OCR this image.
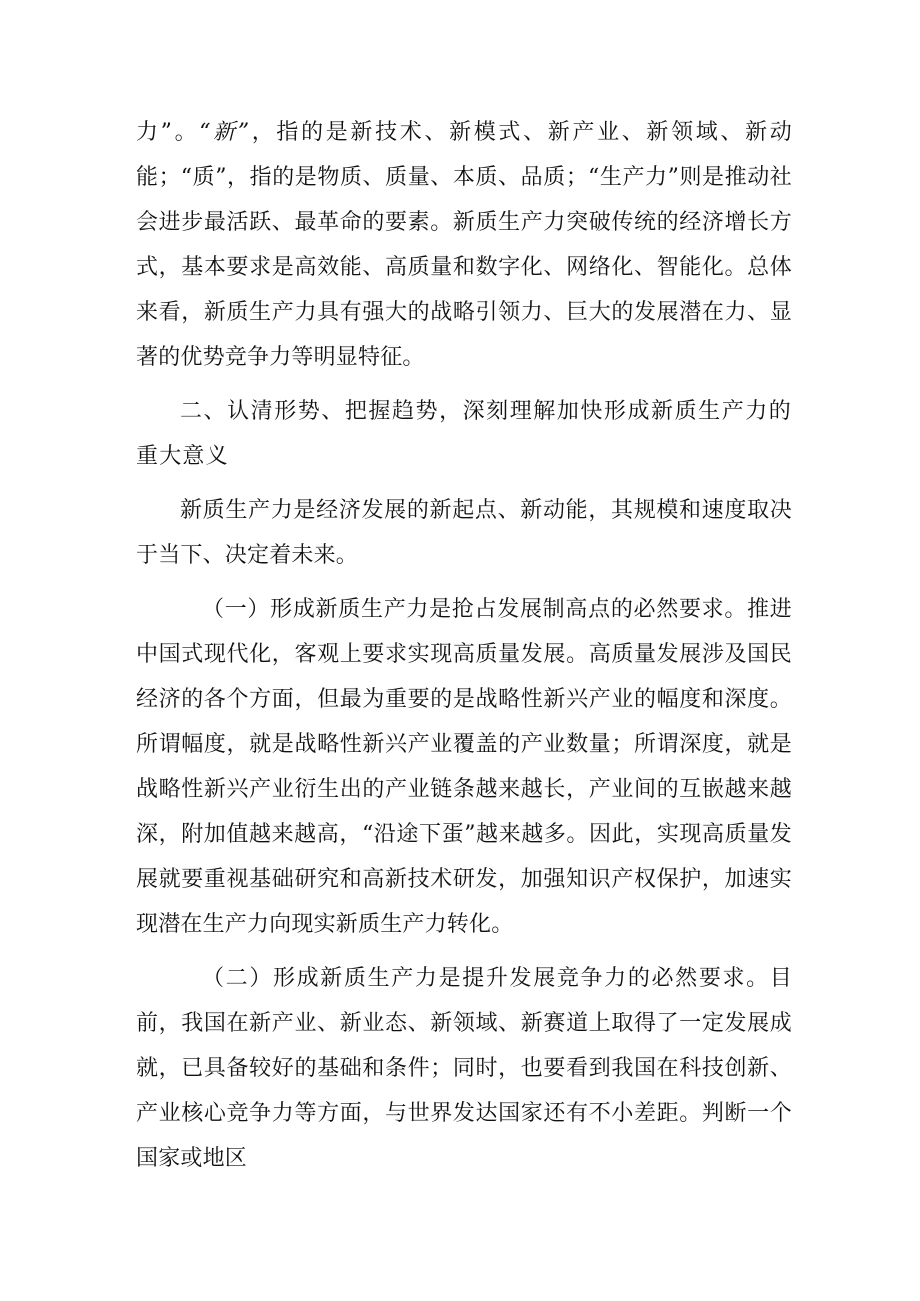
力”。“新”，指的是新技术、新模式、新产业、新领域、新动能；“质”，指的是物质、质量、本质、品质；“生产力”则是推动社会进步最活跃、最革命的要素。新质生产力突破传统的经济增长方式，基本要求是高效能、高质量和数字化、网络化、智能化。总体来看，新质生产力具有强大的战略引领力、巨大的发展潜在力、显著的优势竞争力等明显特征。

二、认清形势、把握趋势，深刻理解加快形成新质生产力的重大意义

新质生产力是经济发展的新起点、新动能，其规模和速度取决于当下、决定着未来。

（一）形成新质生产力是抢占发展制高点的必然要求。推进中国式现代化，客观上要求实现高质量发展。高质量发展涉及国民经济的各个方面，但最为重要的是战略性新兴产业的幅度和深度。所谓幅度，就是战略性新兴产业覆盖的产业数量；所谓深度，就是战略性新兴产业衍生出的产业链条越来越长，产业间的互嵌越来越深，附加值越来越高，“沿途下蛋”越来越多。因此，实现高质量发展就要重视基础研究和高新技术研发，加强知识产权保护，加速实现潜在生产力向现实新质生产力转化。

（二）形成新质生产力是提升发展竞争力的必然要求。目前，我国在新产业、新业态、新领域、新赛道上取得了一定发展成就，已具备较好的基础和条件；同时，也要看到我国在科技创新、产业核心竞争力等方面，与世界发达国家还有不小差距。判断一个国家或地区
